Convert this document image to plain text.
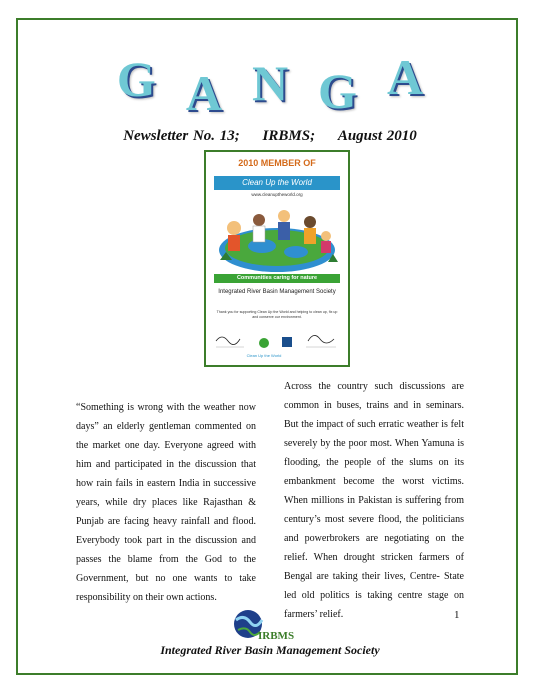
G A N G A
Newsletter No. 13; IRBMS; August 2010
2010 MEMBER OF
Clean Up the World
www.cleanuptheworld.org
Communities caring for nature
Integrated River Basin Management Society
Thank you for supporting Clean Up the World and helping to clean up, fix up and conserve our environment.
Clean Up the World
“Something is wrong with the weather now days” an elderly gentleman commented on the market one day. Everyone agreed with him and participated in the discussion that how rain fails in eastern India in successive years, while dry places like Rajasthan & Punjab are facing heavy rainfall and flood. Everybody took part in the discussion and passes the blame from the God to the Government, but no one wants to take responsibility on their own actions.
Across the country such discussions are common in buses, trains and in seminars. But the impact of such erratic weather is felt severely by the poor most. When Yamuna is flooding, the people of the slums on its embankment become the worst victims. When millions in Pakistan is suffering from century’s most severe flood, the politicians and powerbrokers are negotiating on the relief. When drought stricken farmers of Bengal are taking their lives, Centre- State led old politics is taking centre stage on farmers’ relief.	1
IRBMS
Integrated River Basin Management Society
